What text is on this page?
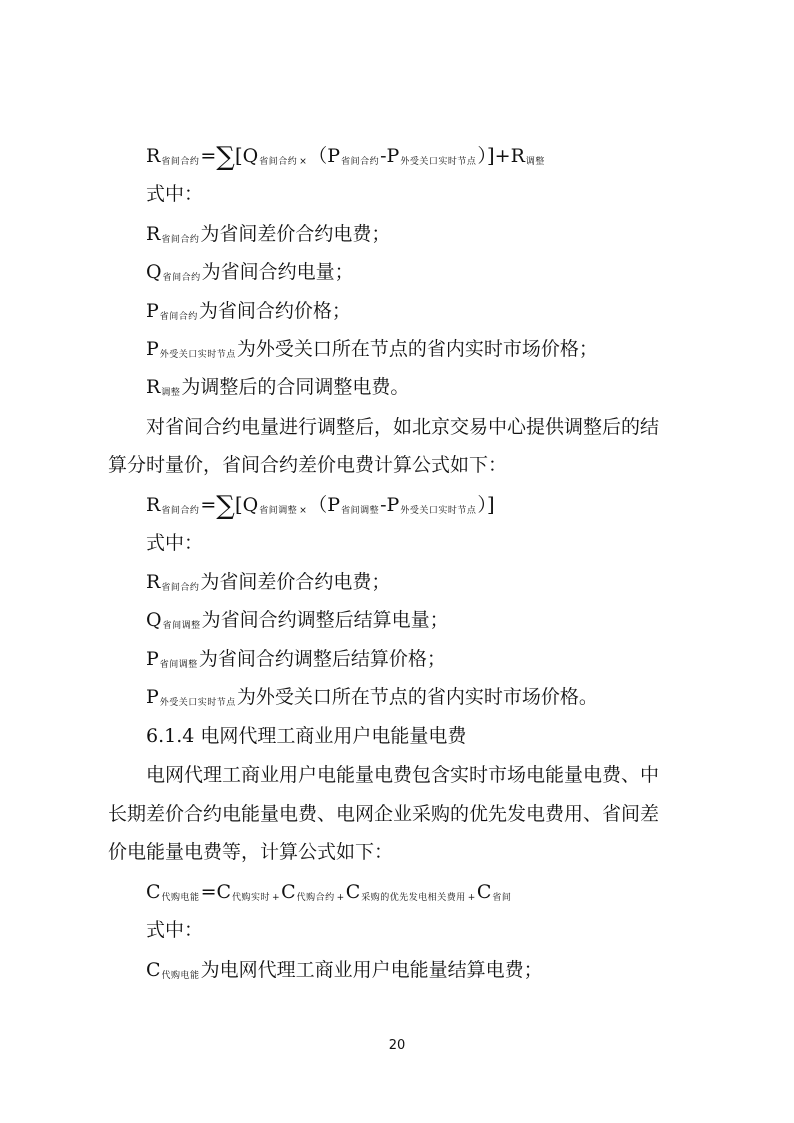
$R_{省间合约}=\sum[Q_{省间合约}$ $_\times(P_{省间合约}-P_{外受关口实时节点})]+R_{调整}$
式中：
$R_{省间合约}$为省间差价合约电费；
$Q_{省间合约}$为省间合约电量；
$P_{省间合约}$为省间合约价格；
$P_{外受关口实时节点}$为外受关口所在节点的省内实时市场价格；
$R_{调整}$为调整后的合同调整电费。
对省间合约电量进行调整后，如北京交易中心提供调整后的结
算分时量价，省间合约差价电费计算公式如下：
$R_{省间合约}=\sum[Q_{省间调整}$ $_\times(P_{省间调整}-P_{外受关口实时节点})$]
式中：
$R_{省间合约}$为省间差价合约电费；
$Q_{省间调整}$为省间合约调整后结算电量；
$P_{省间调整}$为省间合约调整后结算价格；
$P_{外受关口实时节点}$为外受关口所在节点的省内实时市场价格。
6.1.4 电网代理工商业用户电能量电费
电网代理工商业用户电能量电费包含实时市场电能量电费、中
长期差价合约电能量电费、电网企业采购的优先发电费用、省间差
价电能量电费等，计算公式如下：
$C_{代购电能}=C_{代购实时}$ $_+C_{代购合约}$ $_+C_{采购的优先发电相关费用}$ $_+C_{省间}$
式中：
$C_{代购电能}$为电网代理工商业用户电能量结算电费；
20
